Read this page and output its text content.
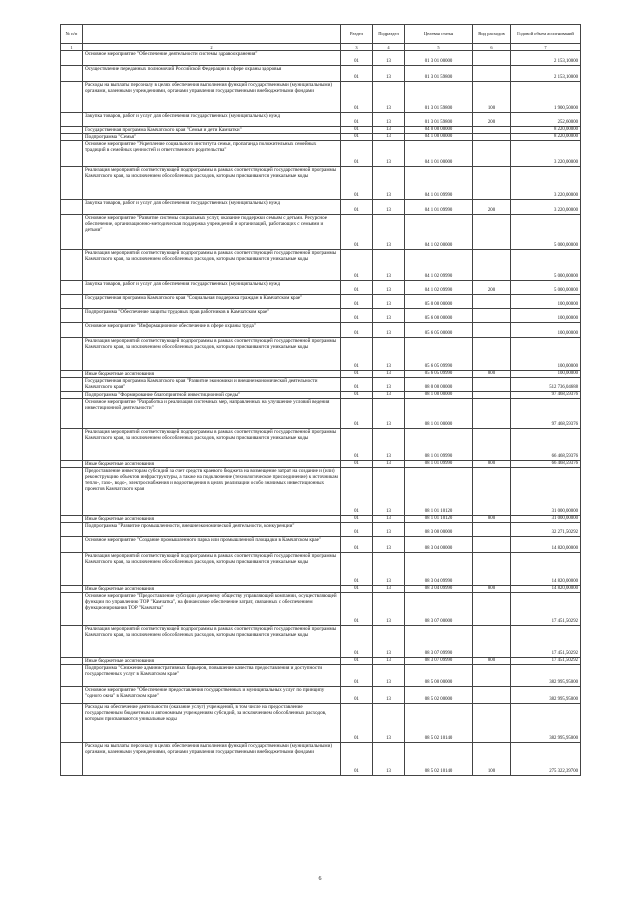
№ п/п		Раздел	Подраздел	Целевая статья	Вид расходов	Годовой объем ассигнований
1	2	3	4	5	6	7
	Основное мероприятие "Обеспечение деятельности системы здравоохранения"	01	13	01 3 01 00000		2 153,10000
	Осуществление переданных полномочий Российской Федерации в сфере охраны здоровья	01	13	01 3 01 59800		2 153,10000
	Расходы на выплаты персоналу в целях обеспечения выполнения функций государственными (муниципальными) органами, казенными учреждениями, органами управления государственными внебюджетными фондами	01	13	01 3 01 59800	100	1 900,50000
	Закупка товаров, работ и услуг для обеспечения государственных (муниципальных) нужд	01	13	01 3 01 59800	200	252,60000
	Государственная программа Камчатского края "Семья и дети Камчатки"	01	13	04 0 00 00000		8 220,00000
	Подпрограмма "Семья"	01	13	04 1 00 00000		8 220,00000
	Основное мероприятие "Укрепление социального института семьи, пропаганда положительных семейных традиций в семейных ценностей и ответственного родительства"	01	13	04 1 01 00000		3 220,00000
	Реализация мероприятий соответствующей подпрограммы в рамках соответствующей государственной программы Камчатского края, за исключением обособленных расходов, которым присваиваются уникальные коды	01	13	04 1 01 09990		3 220,00000
	Закупка товаров, работ и услуг для обеспечения государственных (муниципальных) нужд	01	13	04 1 01 09990	200	3 220,00000
	Основное мероприятие "Развитие системы социальных услуг, оказание поддержки семьям с детьми. Ресурсное обеспечение, организационно-методическая поддержка учреждений и организаций, работающих с семьями и детьми"	01	13	04 1 02 00000		5 000,00000
	Реализация мероприятий соответствующей подпрограммы в рамках соответствующей государственной программы Камчатского края, за исключением обособленных расходов, которым присваиваются уникальные коды	01	13	04 1 02 09990		5 000,00000
	Закупка товаров, работ и услуг для обеспечения государственных (муниципальных) нужд	01	13	04 1 02 09990	200	5 000,00000
	Государственная программа Камчатского края "Социальная поддержка граждан в Камчатском крае"	01	13	05 0 00 00000		100,00000
	Подпрограмма "Обеспечение защиты трудовых прав работников в Камчатском крае"	01	13	05 6 00 00000		100,00000
	Основное мероприятие "Информационное обеспечение в сфере охраны труда"	01	13	05 6 05 00000		100,00000
	Реализация мероприятий соответствующей подпрограммы в рамках соответствующей государственной программы Камчатского края, за исключением обособленных расходов, которым присваиваются уникальные коды	01	13	05 6 05 09990		100,00000
	Иные бюджетные ассигнования	01	13	05 6 05 09990	800	100,00000
	Государственная программа Камчатского края "Развитие экономики и внешнеэкономической деятельности Камчатского края"	01	13	08 0 00 00000		512 736,04688
	Подпрограмма "Формирование благоприятной инвестиционной среды"	01	13	08 1 00 00000		97 468,59376
	Основное мероприятие "Разработка и реализация системных мер, направленных на улучшение условий ведения инвестиционной деятельности"	01	13	08 1 01 00000		97 468,59376
	Реализация мероприятий соответствующей подпрограммы в рамках соответствующей государственной программы Камчатского края, за исключением обособленных расходов, которым присваиваются уникальные коды	01	13	08 1 01 09990		66 468,59376
	Иные бюджетные ассигнования	01	13	08 1 01 09990	800	66 468,59376
	Предоставление инвесторам субсидий за счет средств краевого бюджета на возмещение затрат на создание и (или) реконструкцию объектов инфраструктуры, а также на подключение (технологическое присоединение) к источникам тепло-, газо-, водо-, электроснабжения и водоотведения в целях реализации особо значимых инвестиционных проектов Камчатского края	01	13	08 1 01 10120		31 000,00000
	Иные бюджетные ассигнования	01	13	08 1 01 10120	800	31 000,00000
	Подпрограмма "Развитие промышленности, внешнеэкономической деятельности, конкуренции"	01	13	08 3 00 00000		32 271,50292
	Основное мероприятие "Создание промышленного парка или промышленной площадки в Камчатском крае"	01	13	08 3 04 00000		14 820,00000
	Реализация мероприятий соответствующей подпрограммы в рамках соответствующей государственной программы Камчатского края, за исключением обособленных расходов, которым присваиваются уникальные коды	01	13	08 3 04 09990		14 820,00000
	Иные бюджетные ассигнования	01	13	08 3 04 09990	800	14 820,00000
	Основное мероприятие "Предоставление субсидии дочернему обществу управляющей компании, осуществляющей функции по управлению ТОР "Камчатка", на финансовое обеспечение затрат, связанных с обеспечением функционирования ТОР "Камчатка"	01	13	08 3 07 00000		17 451,50292
	Реализация мероприятий соответствующей подпрограммы в рамках соответствующей государственной программы Камчатского края, за исключением обособленных расходов, которым присваиваются уникальные коды	01	13	08 3 07 09990		17 451,50292
	Иные бюджетные ассигнования	01	13	08 3 07 09990	800	17 451,50292
	Подпрограмма "Снижение административных барьеров, повышение качества предоставления и доступности государственных услуг в Камчатском крае"	01	13	08 5 00 00000		382 995,95000
	Основное мероприятие "Обеспечение предоставления государственных и муниципальных услуг по принципу "одного окна" в Камчатском крае"	01	13	08 5 02 00000		382 995,95000
	Расходы на обеспечение деятельности (оказание услуг) учреждений, в том числе на предоставление государственным бюджетным и автономным учреждениям субсидий, за исключением обособленных расходов, которым присваиваются уникальные коды	01	13	08 5 02 10140		382 995,95000
	Расходы на выплаты персоналу в целях обеспечения выполнения функций государственными (муниципальными) органами, казенными учреждениями, органами управления государственными внебюджетными фондами	01	13	08 5 02 10140	100	275 322,39700
6
